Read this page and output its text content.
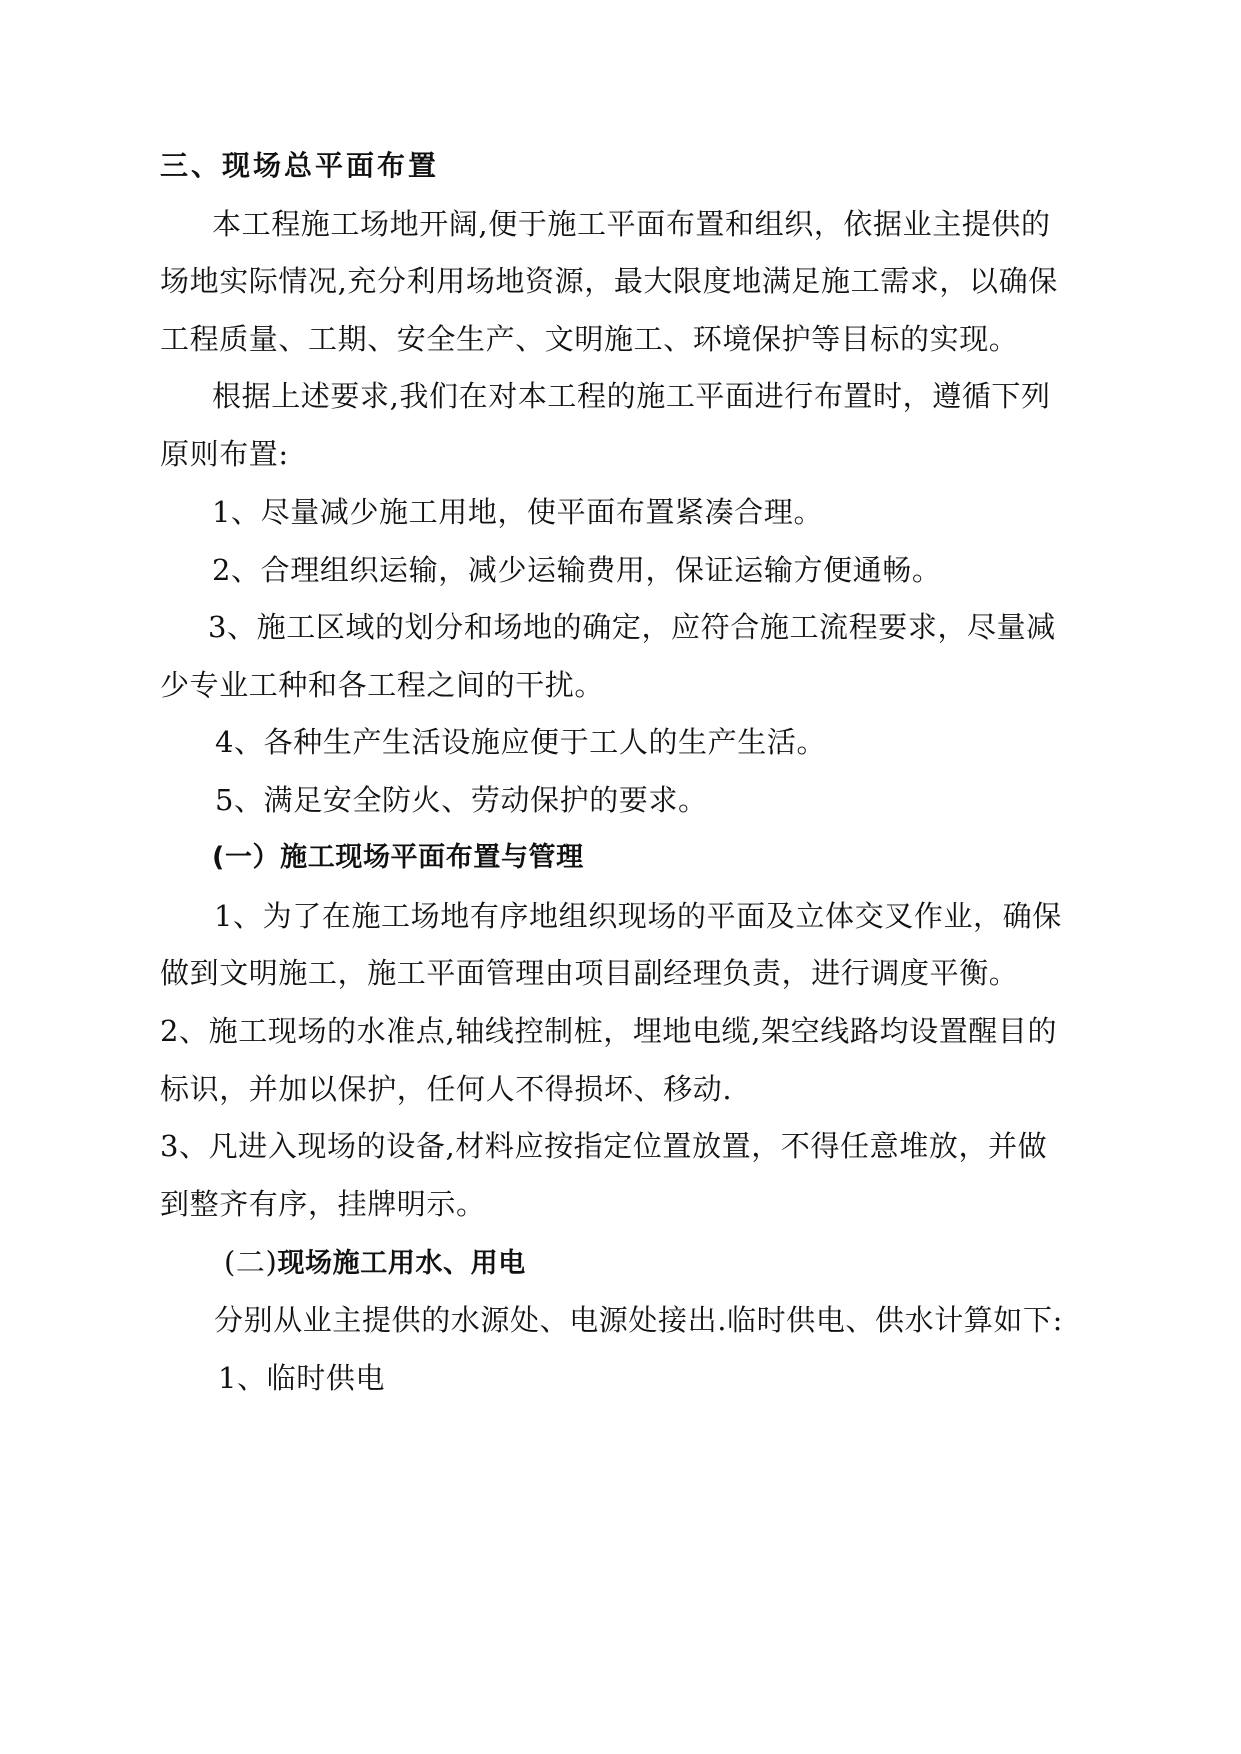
三、现场总平面布置
本工程施工场地开阔,便于施工平面布置和组织，依据业主提供的
场地实际情况,充分利用场地资源，最大限度地满足施工需求，以确保
工程质量、工期、安全生产、文明施工、环境保护等目标的实现。
根据上述要求,我们在对本工程的施工平面进行布置时，遵循下列
原则布置:
1、尽量减少施工用地，使平面布置紧凑合理。
2、合理组织运输，减少运输费用，保证运输方便通畅。
3、施工区域的划分和场地的确定，应符合施工流程要求，尽量减
少专业工种和各工程之间的干扰。
4、各种生产生活设施应便于工人的生产生活。
5、满足安全防火、劳动保护的要求。
(一）施工现场平面布置与管理
1、为了在施工场地有序地组织现场的平面及立体交叉作业，确保
做到文明施工，施工平面管理由项目副经理负责，进行调度平衡。
2、施工现场的水准点,轴线控制桩，埋地电缆,架空线路均设置醒目的
标识，并加以保护，任何人不得损坏、移动.
3、凡进入现场的设备,材料应按指定位置放置，不得任意堆放，并做
到整齐有序，挂牌明示。
(二)现场施工用水、用电
分别从业主提供的水源处、电源处接出.临时供电、供水计算如下:
1、临时供电
